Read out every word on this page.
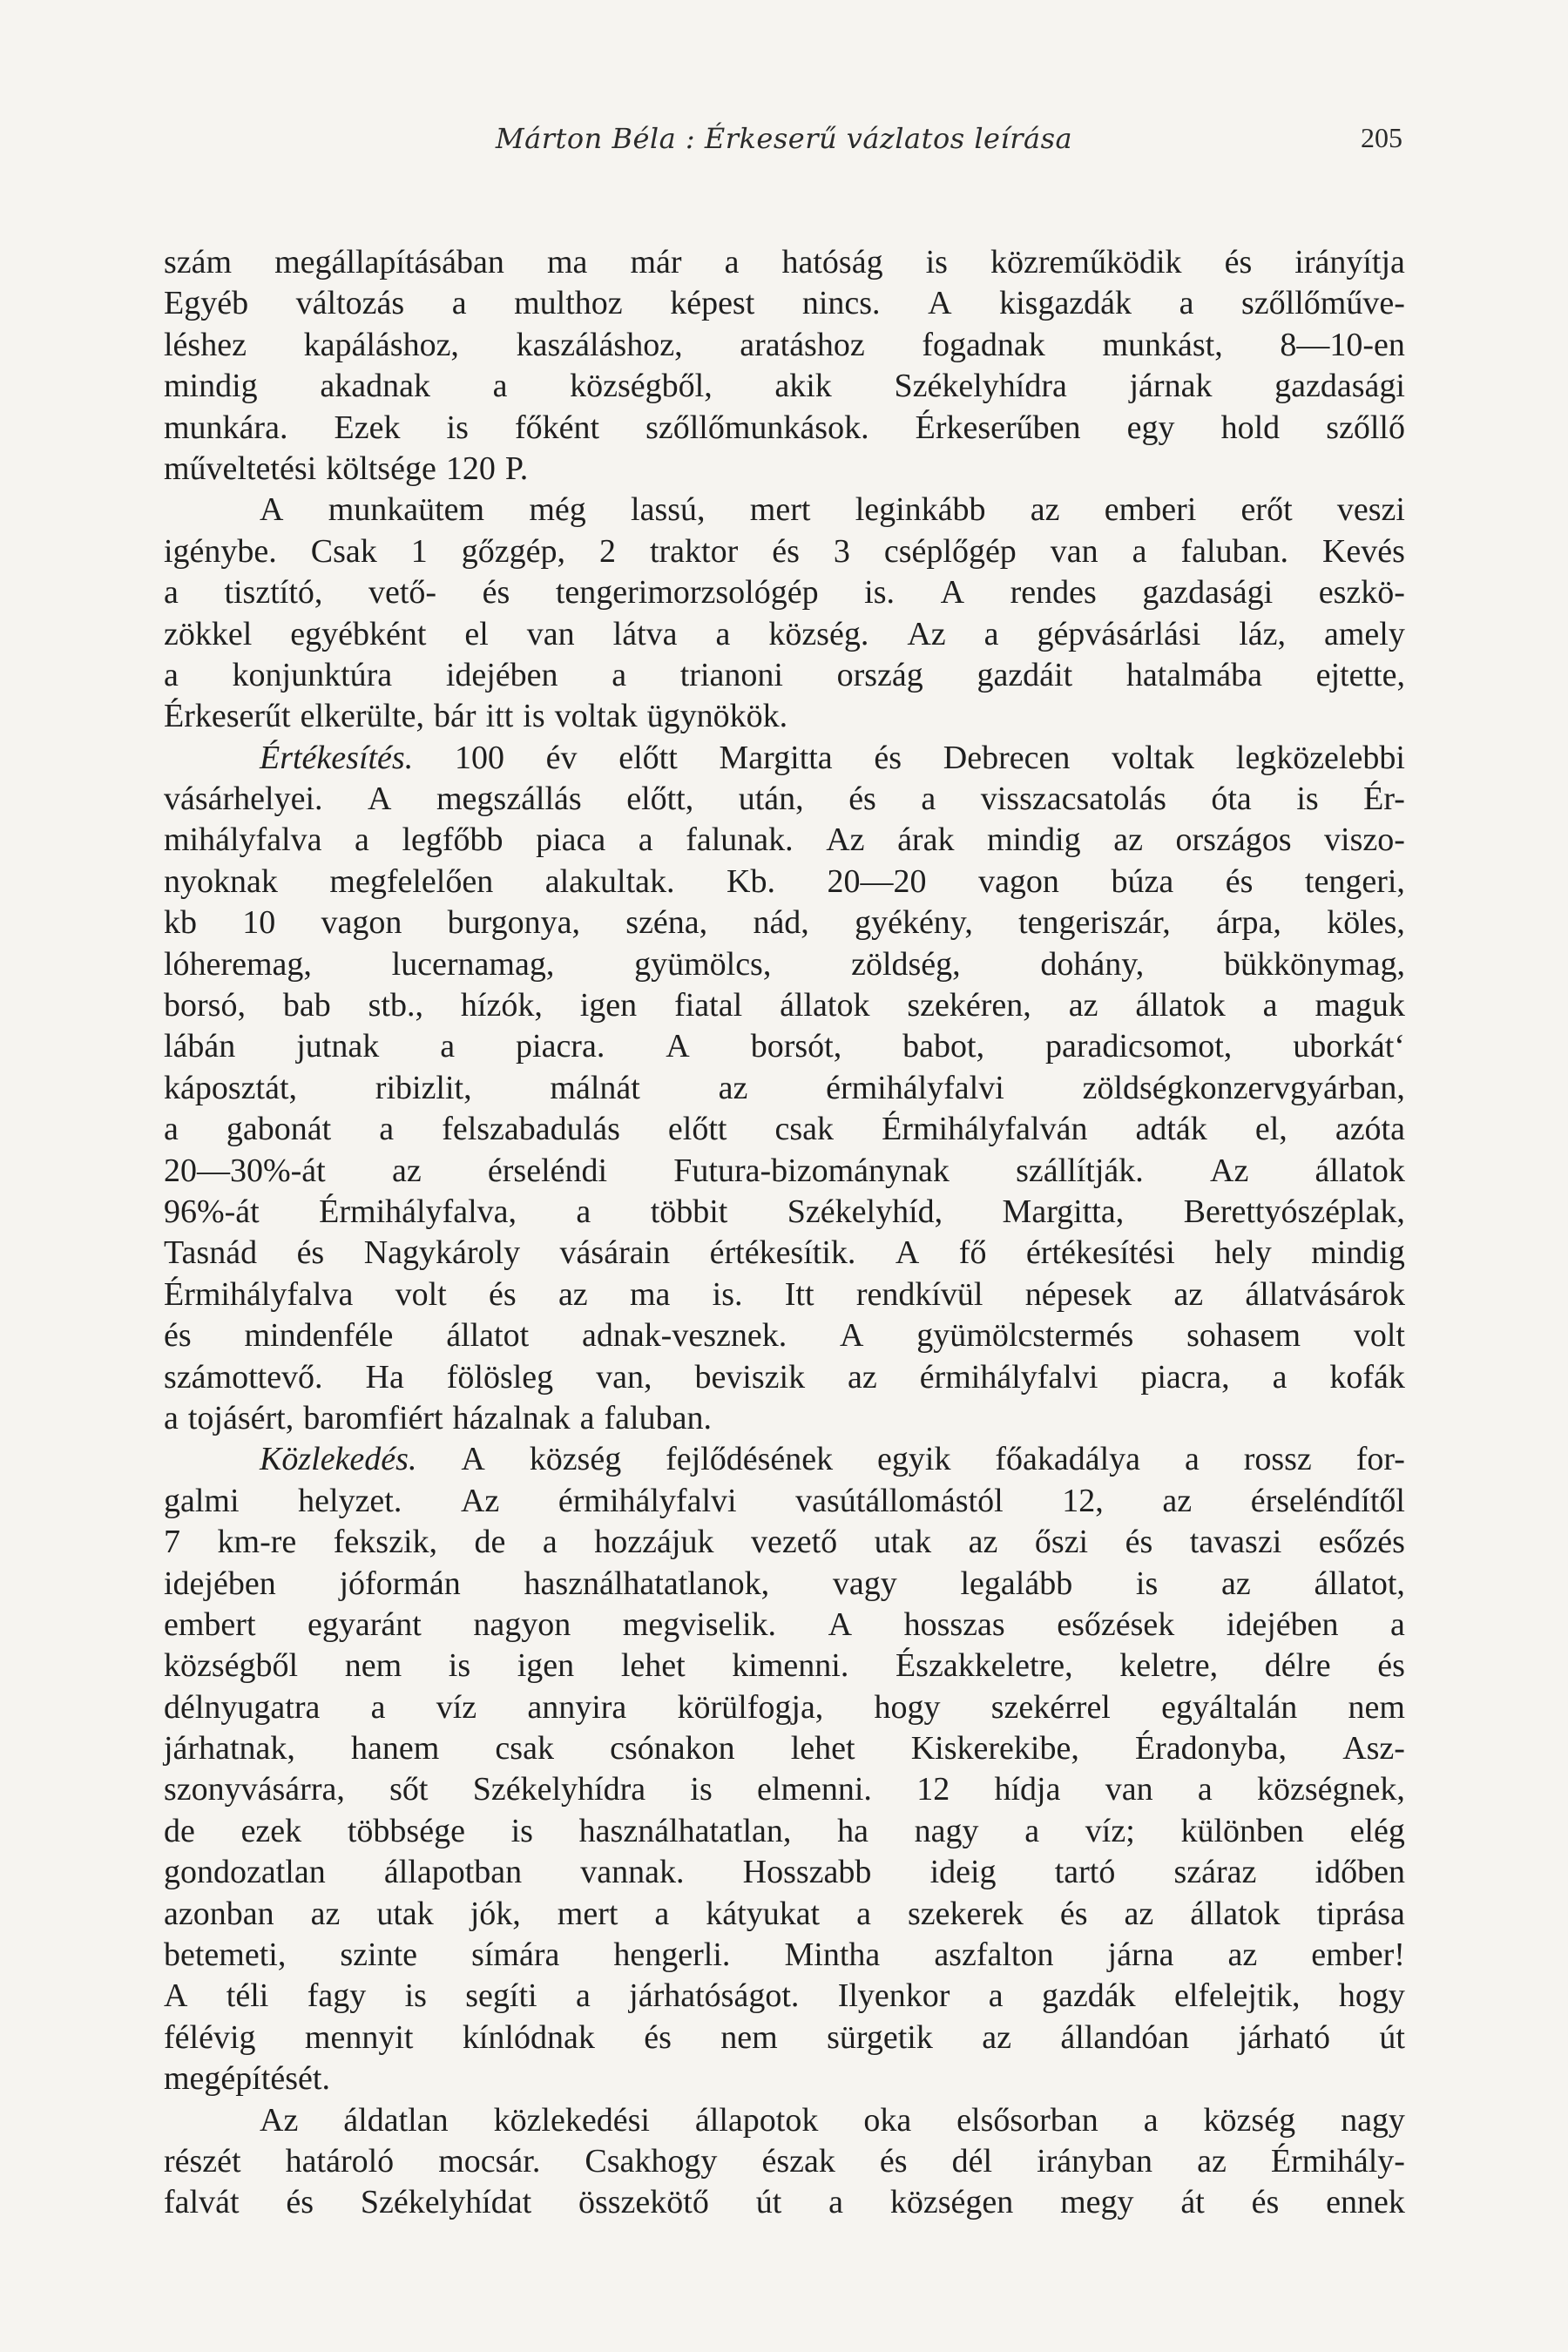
Márton Béla : Érkeserű vázlatos leírása	205
szám megállapításában ma már a hatóság is közreműködik és irányítja
Egyéb változás a multhoz képest nincs. A kisgazdák a szőllőműve-
léshez kapáláshoz, kaszáláshoz, aratáshoz fogadnak munkást, 8—10-en
mindig akadnak a községből, akik Székelyhídra járnak gazdasági
munkára. Ezek is főként szőllőmunkások. Érkeserűben egy hold szőllő
műveltetési költsége 120 P.
A munkaütem még lassú, mert leginkább az emberi erőt veszi
igénybe. Csak 1 gőzgép, 2 traktor és 3 cséplőgép van a faluban. Kevés
a tisztító, vető- és tengerimorzsológép is. A rendes gazdasági eszkö-
zökkel egyébként el van látva a község. Az a gépvásárlási láz, amely
a konjunktúra idejében a trianoni ország gazdáit hatalmába ejtette,
Érkeserűt elkerülte, bár itt is voltak ügynökök.
Értékesítés. 100 év előtt Margitta és Debrecen voltak legközelebbi
vásárhelyei. A megszállás előtt, után, és a visszacsatolás óta is Ér-
mihályfalva a legfőbb piaca a falunak. Az árak mindig az országos viszo-
nyoknak megfelelően alakultak. Kb. 20—20 vagon búza és tengeri,
kb 10 vagon burgonya, széna, nád, gyékény, tengeriszár, árpa, köles,
lóheremag, lucernamag, gyümölcs, zöldség, dohány, bükkönymag,
borsó, bab stb., hízók, igen fiatal állatok szekéren, az állatok a maguk
lábán jutnak a piacra. A borsót, babot, paradicsomot, uborkát‘
káposztát, ribizlit, málnát az érmihályfalvi zöldségkonzervgyárban,
a gabonát a felszabadulás előtt csak Érmihályfalván adták el, azóta
20—30%-át az érseléndi Futura-bizománynak szállítják. Az állatok
96%-át Érmihályfalva, a többit Székelyhíd, Margitta, Berettyószéplak,
Tasnád és Nagykároly vásárain értékesítik. A fő értékesítési hely mindig
Érmihályfalva volt és az ma is. Itt rendkívül népesek az állatvásárok
és mindenféle állatot adnak-vesznek. A gyümölcstermés sohasem volt
számottevő. Ha fölösleg van, beviszik az érmihályfalvi piacra, a kofák
a tojásért, baromfiért házalnak a faluban.
Közlekedés. A község fejlődésének egyik főakadálya a rossz for-
galmi helyzet. Az érmihályfalvi vasútállomástól 12, az érseléndítől
7 km-re fekszik, de a hozzájuk vezető utak az őszi és tavaszi esőzés
idejében jóformán használhatatlanok, vagy legalább is az állatot,
embert egyaránt nagyon megviselik. A hosszas esőzések idejében a
községből nem is igen lehet kimenni. Északkeletre, keletre, délre és
délnyugatra a víz annyira körülfogja, hogy szekérrel egyáltalán nem
járhatnak, hanem csak csónakon lehet Kiskerekibe, Éradonyba, Asz-
szonyvásárra, sőt Székelyhídra is elmenni. 12 hídja van a községnek,
de ezek többsége is használhatatlan, ha nagy a víz; különben elég
gondozatlan állapotban vannak. Hosszabb ideig tartó száraz időben
azonban az utak jók, mert a kátyukat a szekerek és az állatok tiprása
betemeti, szinte símára hengerli. Mintha aszfalton járna az ember!
A téli fagy is segíti a járhatóságot. Ilyenkor a gazdák elfelejtik, hogy
félévig mennyit kínlódnak és nem sürgetik az állandóan járható út
megépítését.
Az áldatlan közlekedési állapotok oka elsősorban a község nagy
részét határoló mocsár. Csakhogy észak és dél irányban az Érmihály-
falvát és Székelyhídat összekötő út a községen megy át és ennek
